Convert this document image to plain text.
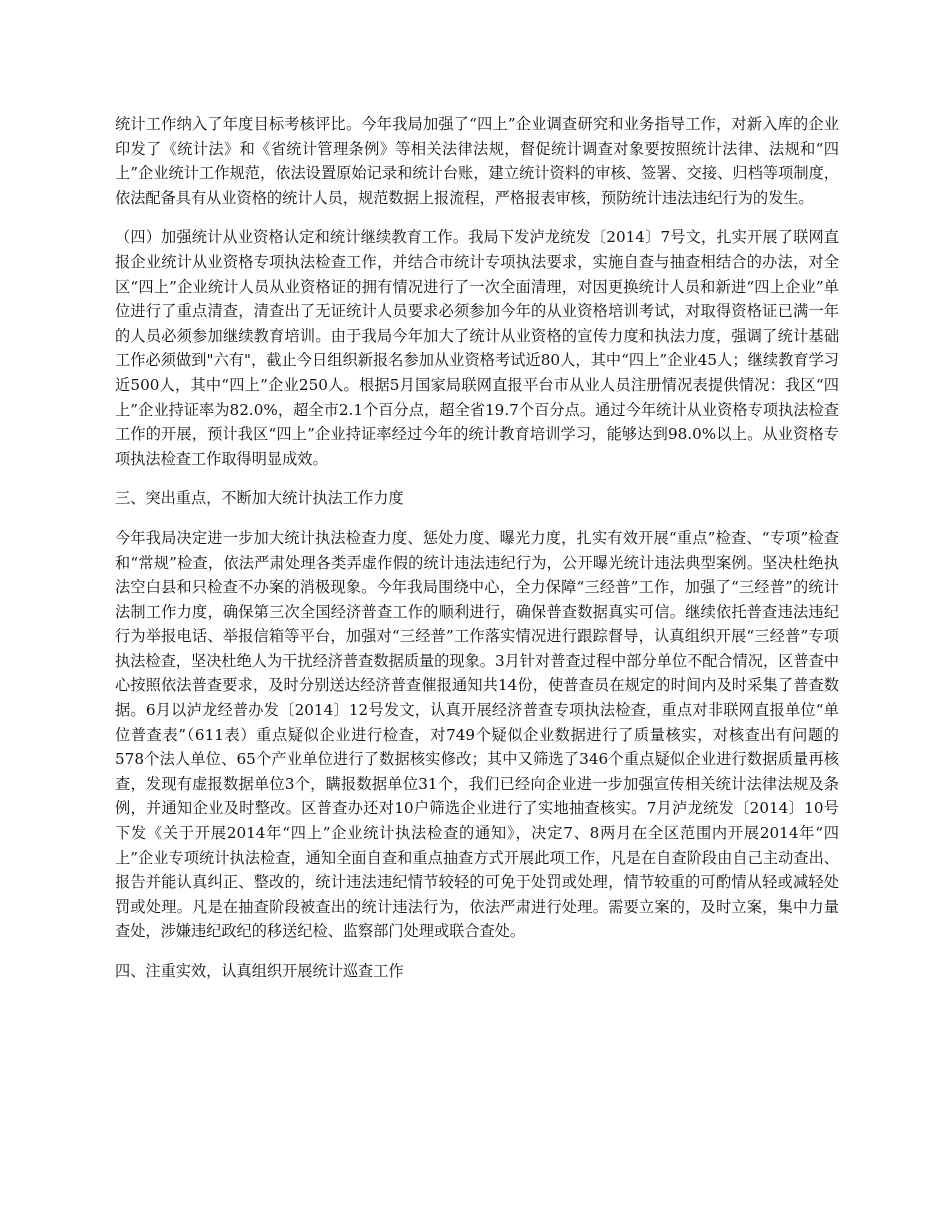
统计工作纳入了年度目标考核评比。今年我局加强了“四上”企业调查研究和业务指导工作，对新入库的企业印发了《统计法》和《省统计管理条例》等相关法律法规，督促统计调查对象要按照统计法律、法规和“四上”企业统计工作规范，依法设置原始记录和统计台账，建立统计资料的审核、签署、交接、归档等项制度，依法配备具有从业资格的统计人员，规范数据上报流程，严格报表审核，预防统计违法违纪行为的发生。

（四）加强统计从业资格认定和统计继续教育工作。我局下发泸龙统发〔2014〕7号文，扎实开展了联网直报企业统计从业资格专项执法检查工作，并结合市统计专项执法要求，实施自查与抽查相结合的办法，对全区“四上”企业统计人员从业资格证的拥有情况进行了一次全面清理，对因更换统计人员和新进“四上企业”单位进行了重点清查，清查出了无证统计人员要求必须参加今年的从业资格培训考试，对取得资格证已满一年的人员必须参加继续教育培训。由于我局今年加大了统计从业资格的宣传力度和执法力度，强调了统计基础工作必须做到"六有"，截止今日组织新报名参加从业资格考试近80人，其中“四上”企业45人；继续教育学习近500人，其中“四上”企业250人。根据5月国家局联网直报平台市从业人员注册情况表提供情况：我区“四上”企业持证率为82.0%，超全市2.1个百分点，超全省19.7个百分点。通过今年统计从业资格专项执法检查工作的开展，预计我区“四上”企业持证率经过今年的统计教育培训学习，能够达到98.0%以上。从业资格专项执法检查工作取得明显成效。

三、突出重点，不断加大统计执法工作力度

今年我局决定进一步加大统计执法检查力度、惩处力度、曝光力度，扎实有效开展“重点”检查、“专项”检查和“常规”检查，依法严肃处理各类弄虚作假的统计违法违纪行为，公开曝光统计违法典型案例。坚决杜绝执法空白县和只检查不办案的消极现象。今年我局围绕中心，全力保障“三经普”工作，加强了“三经普”的统计法制工作力度，确保第三次全国经济普查工作的顺利进行，确保普查数据真实可信。继续依托普查违法违纪行为举报电话、举报信箱等平台，加强对“三经普”工作落实情况进行跟踪督导，认真组织开展“三经普”专项执法检查，坚决杜绝人为干扰经济普查数据质量的现象。3月针对普查过程中部分单位不配合情况，区普查中心按照依法普查要求，及时分别送达经济普查催报通知共14份，使普查员在规定的时间内及时采集了普查数据。6月以泸龙经普办发〔2014〕12号发文，认真开展经济普查专项执法检查，重点对非联网直报单位“单位普查表”（611表）重点疑似企业进行检查，对749个疑似企业数据进行了质量核实，对核查出有问题的578个法人单位、65个产业单位进行了数据核实修改；其中又筛选了346个重点疑似企业进行数据质量再核查，发现有虚报数据单位3个，瞒报数据单位31个，我们已经向企业进一步加强宣传相关统计法律法规及条例，并通知企业及时整改。区普查办还对10户筛选企业进行了实地抽查核实。7月泸龙统发〔2014〕10号下发《关于开展2014年“四上”企业统计执法检查的通知》，决定7、8两月在全区范围内开展2014年“四上”企业专项统计执法检查，通知全面自查和重点抽查方式开展此项工作，凡是在自查阶段由自己主动查出、报告并能认真纠正、整改的，统计违法违纪情节较轻的可免于处罚或处理，情节较重的可酌情从轻或减轻处罚或处理。凡是在抽查阶段被查出的统计违法行为，依法严肃进行处理。需要立案的，及时立案，集中力量查处，涉嫌违纪政纪的移送纪检、监察部门处理或联合查处。

四、注重实效，认真组织开展统计巡查工作
